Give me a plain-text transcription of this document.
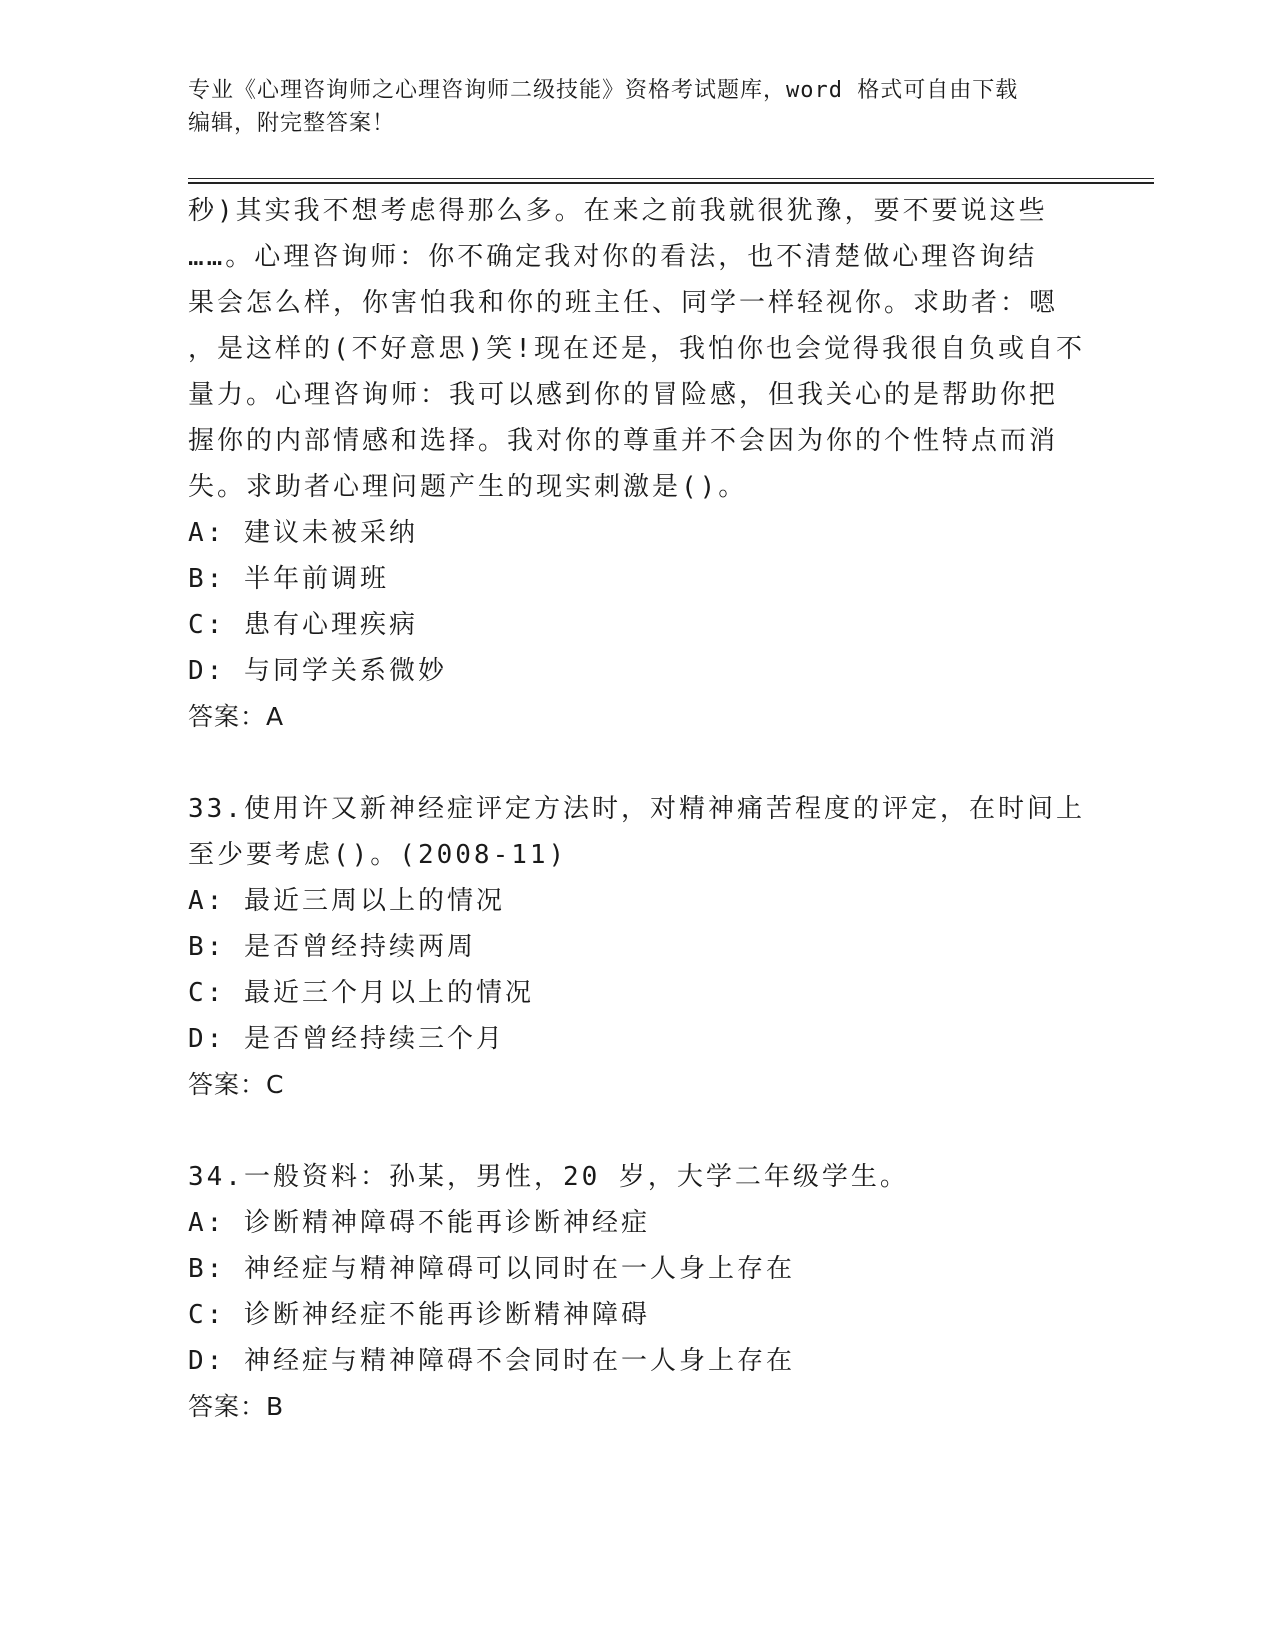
专业《心理咨询师之心理咨询师二级技能》资格考试题库，word 格式可自由下载
编辑，附完整答案！
秒)其实我不想考虑得那么多。在来之前我就很犹豫，要不要说这些
……。心理咨询师：你不确定我对你的看法，也不清楚做心理咨询结
果会怎么样，你害怕我和你的班主任、同学一样轻视你。求助者：嗯
，是这样的(不好意思)笑!现在还是，我怕你也会觉得我很自负或自不
量力。心理咨询师：我可以感到你的冒险感，但我关心的是帮助你把
握你的内部情感和选择。我对你的尊重并不会因为你的个性特点而消
失。求助者心理问题产生的现实刺激是()。
A: 建议未被采纳
B: 半年前调班
C: 患有心理疾病
D: 与同学关系微妙
答案：A
33.使用许又新神经症评定方法时，对精神痛苦程度的评定，在时间上
至少要考虑()。(2008-11)
A: 最近三周以上的情况
B: 是否曾经持续两周
C: 最近三个月以上的情况
D: 是否曾经持续三个月
答案：C
34.一般资料：孙某，男性，20 岁，大学二年级学生。
A: 诊断精神障碍不能再诊断神经症
B: 神经症与精神障碍可以同时在一人身上存在
C: 诊断神经症不能再诊断精神障碍
D: 神经症与精神障碍不会同时在一人身上存在
答案：B
